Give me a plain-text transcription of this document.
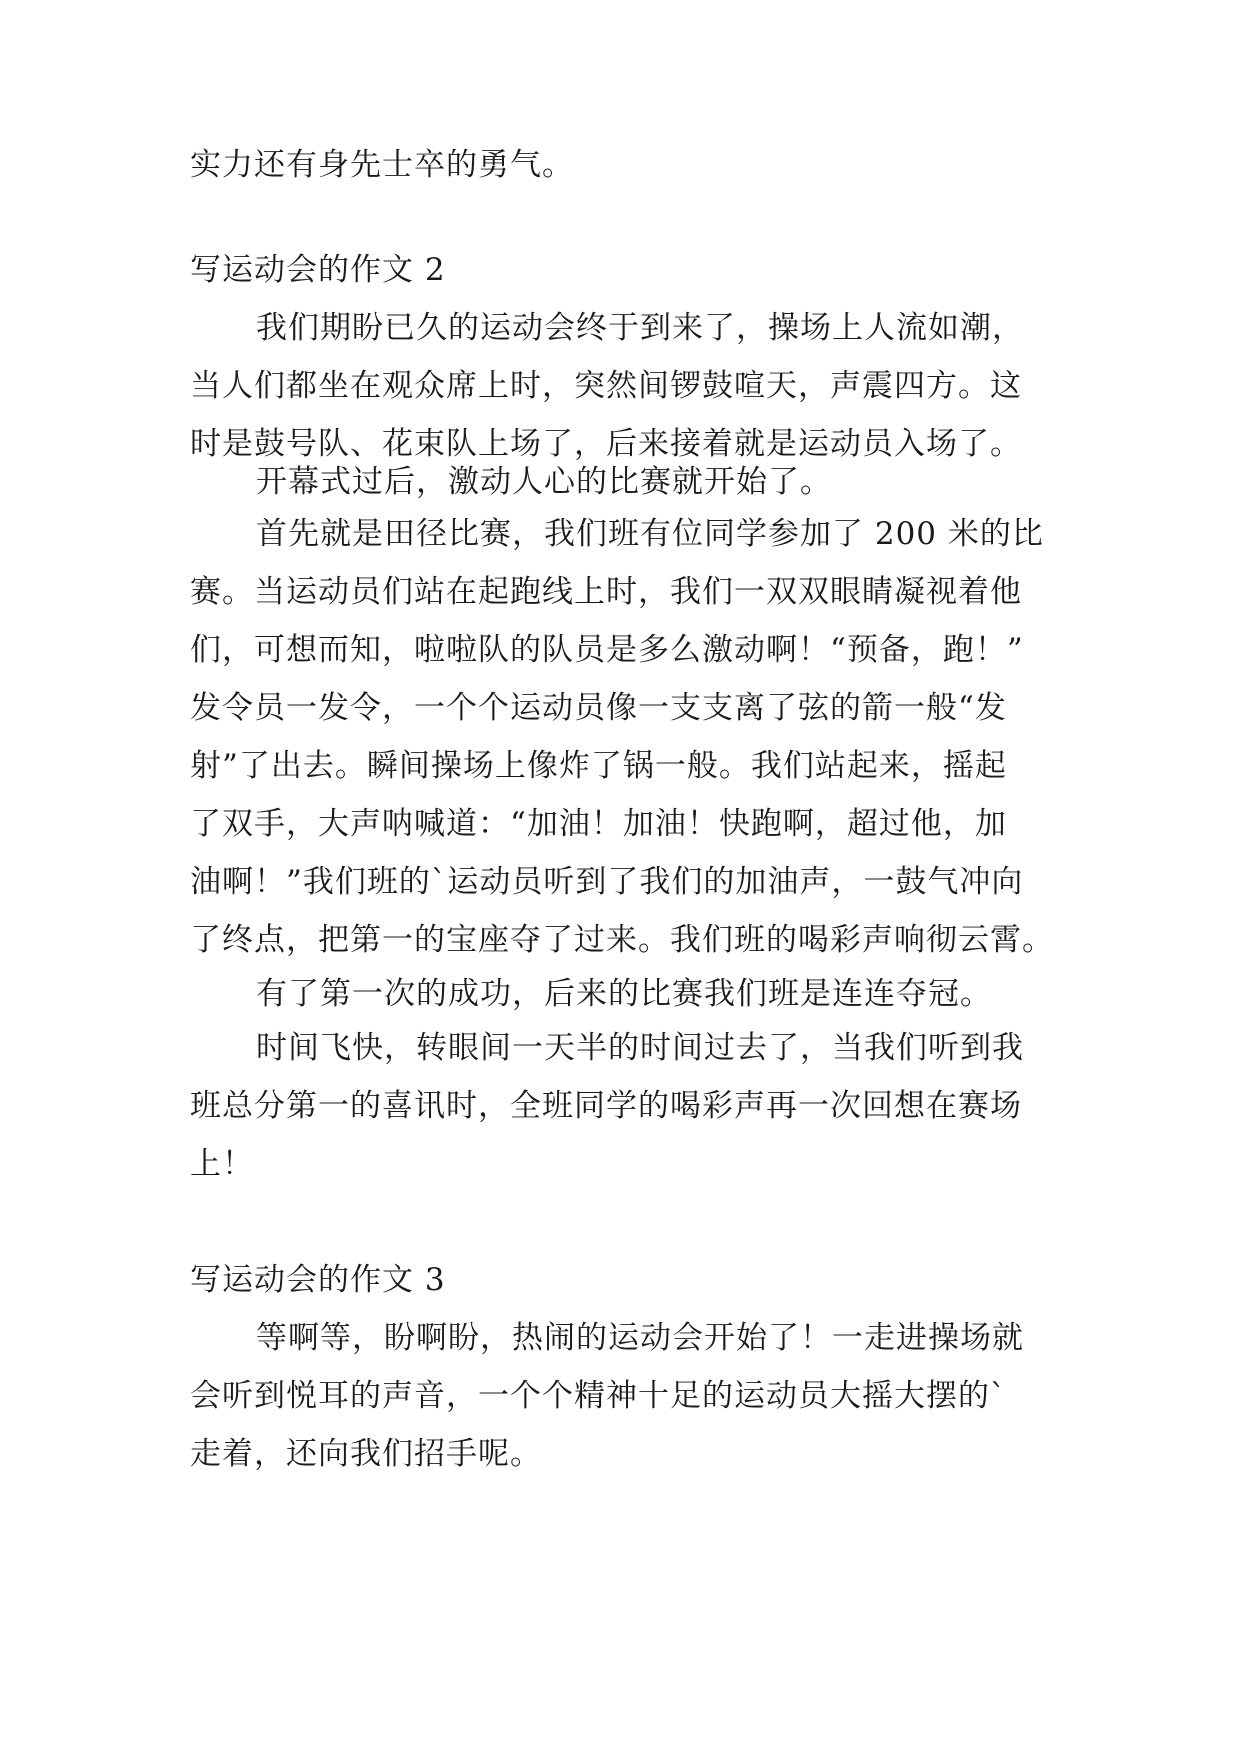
实力还有身先士卒的勇气。
写运动会的作文 2
我们期盼已久的运动会终于到来了，操场上人流如潮，
当人们都坐在观众席上时，突然间锣鼓喧天，声震四方。这
时是鼓号队、花束队上场了，后来接着就是运动员入场了。
开幕式过后，激动人心的比赛就开始了。
首先就是田径比赛，我们班有位同学参加了 200 米的比
赛。当运动员们站在起跑线上时，我们一双双眼睛凝视着他
们，可想而知，啦啦队的队员是多么激动啊！“预备，跑！”
发令员一发令，一个个运动员像一支支离了弦的箭一般“发
射”了出去。瞬间操场上像炸了锅一般。我们站起来，摇起
了双手，大声呐喊道：“加油！加油！快跑啊，超过他，加
油啊！”我们班的`运动员听到了我们的加油声，一鼓气冲向
了终点，把第一的宝座夺了过来。我们班的喝彩声响彻云霄。
有了第一次的成功，后来的比赛我们班是连连夺冠。
时间飞快，转眼间一天半的时间过去了，当我们听到我
班总分第一的喜讯时，全班同学的喝彩声再一次回想在赛场
上！
写运动会的作文 3
等啊等，盼啊盼，热闹的运动会开始了！一走进操场就
会听到悦耳的声音，一个个精神十足的运动员大摇大摆的`
走着，还向我们招手呢。
